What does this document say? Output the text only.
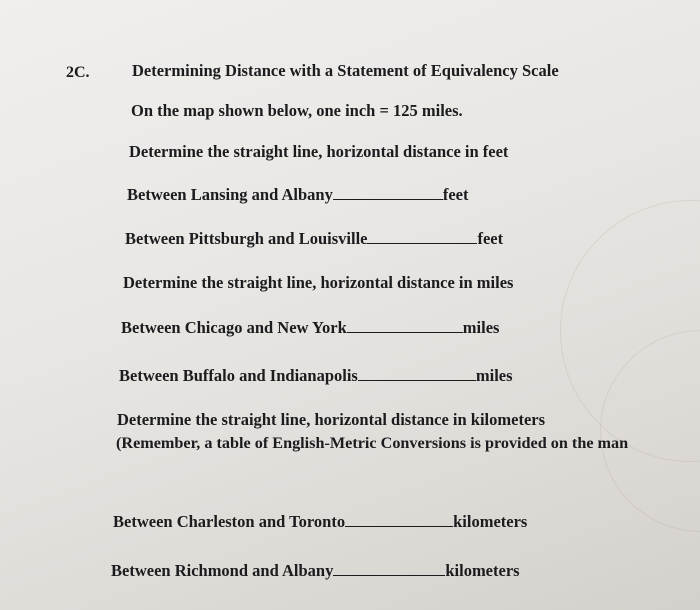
2C.	Determining Distance with a Statement of Equivalency Scale
On the map shown below, one inch = 125 miles.
Determine the straight line, horizontal distance in feet
Between Lansing and Albany	feet
Between Pittsburgh and Louisville	feet
Determine the straight line, horizontal distance in miles
Between Chicago and New York	miles
Between Buffalo and Indianapolis	miles
Determine the straight line, horizontal distance in kilometers
(Remember, a table of English-Metric Conversions is provided on the man
Between Charleston and Toronto	kilometers
Between Richmond and Albany	kilometers
